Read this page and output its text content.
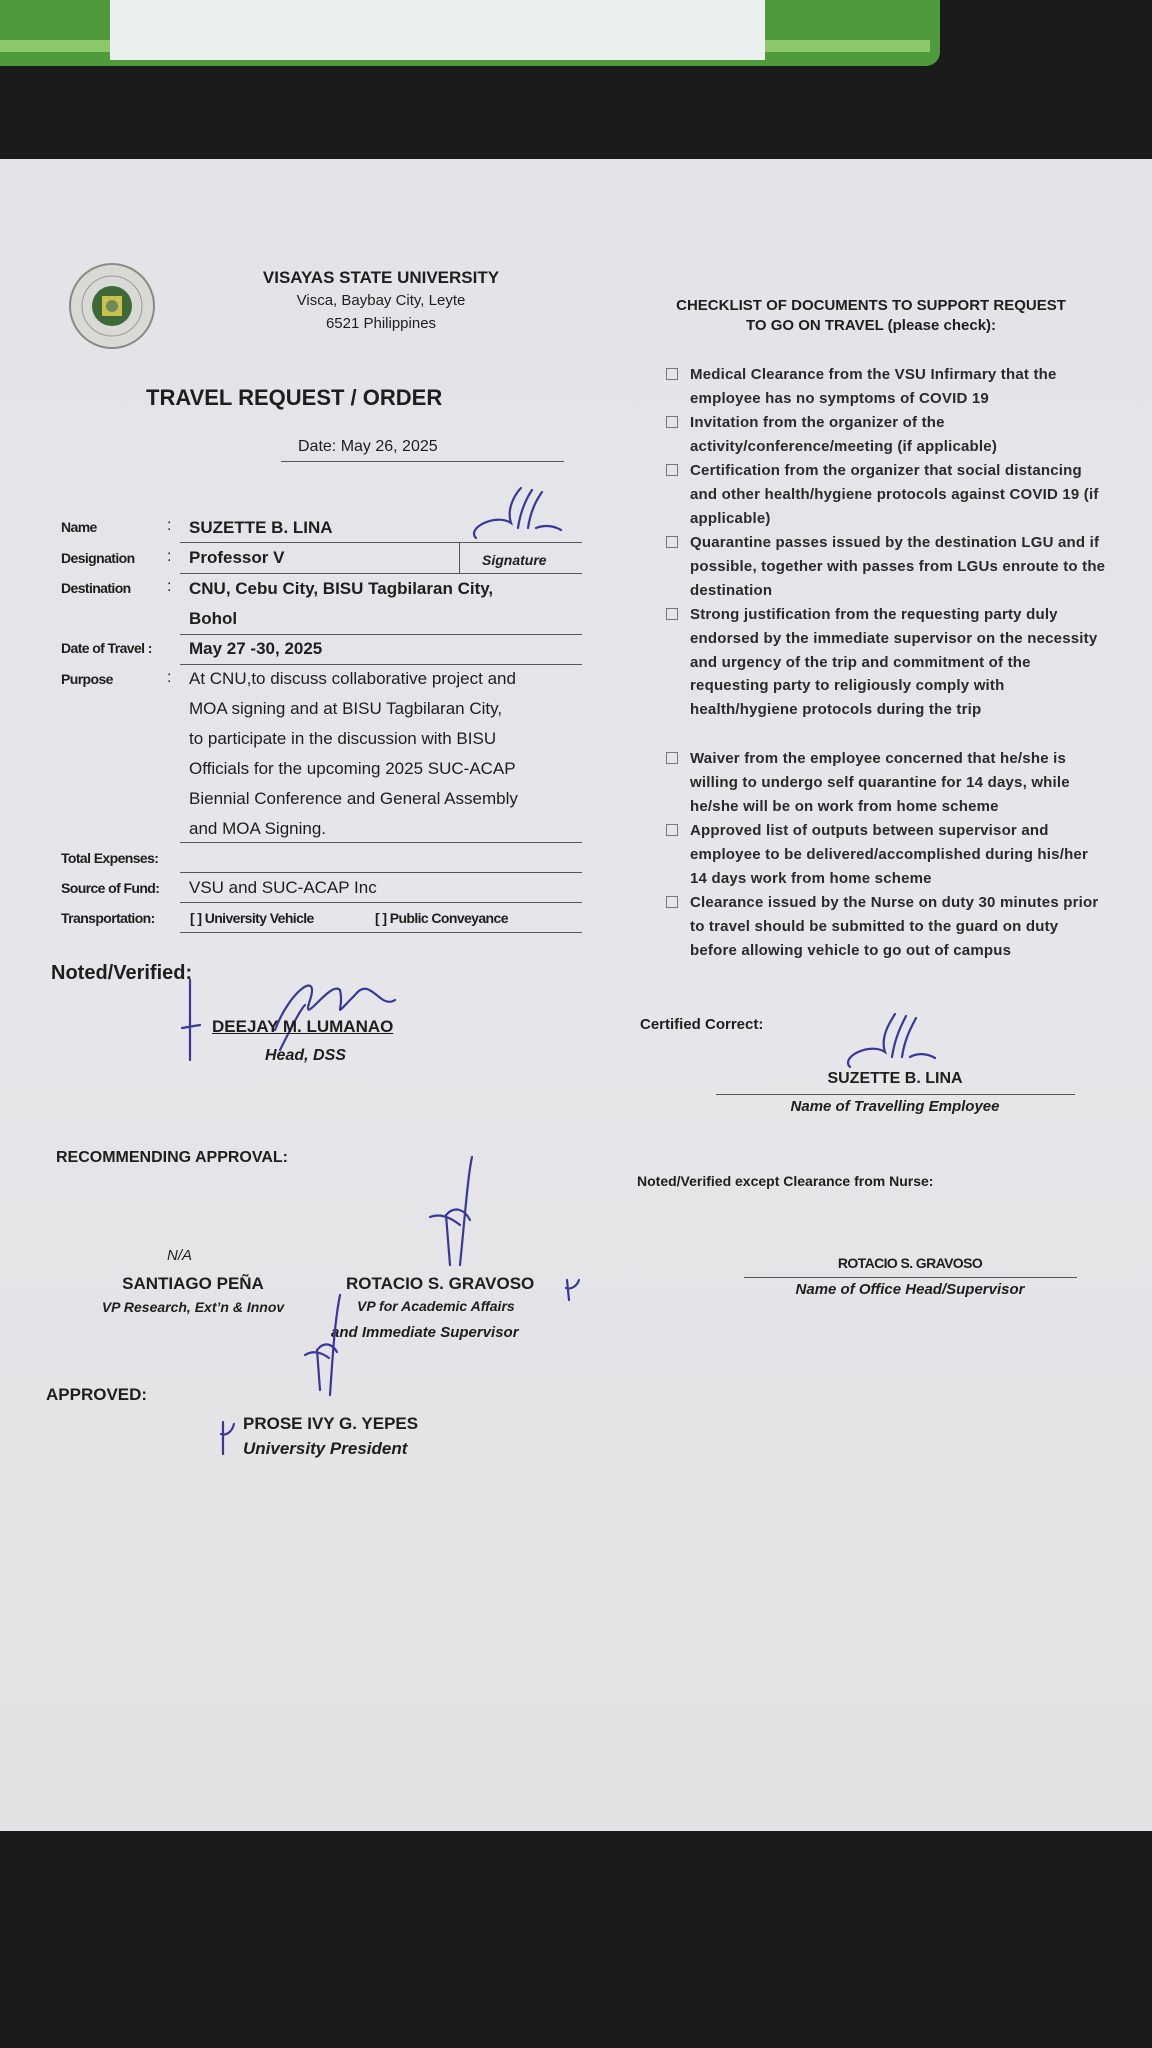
VISAYAS STATE UNIVERSITY
Visca, Baybay City, Leyte
6521 Philippines
TRAVEL REQUEST / ORDER
Date: May 26, 2025
Name	: SUZETTE B. LINA
Designation : Professor V	Signature
Destination : CNU, Cebu City, BISU Tagbilaran City,
Bohol
Date of Travel : May 27 -30, 2025
Purpose	: At CNU,to discuss collaborative project and
MOA signing and at BISU Tagbilaran City,
to participate in the discussion with BISU
Officials for the upcoming 2025 SUC-ACAP
Biennial Conference and General Assembly
and MOA Signing.
Total Expenses:
Source of Fund: VSU and SUC-ACAP Inc
Transportation:	[ ] University Vehicle	[ ] Public Conveyance
Noted/Verified:
DEEJAY M. LUMANAO
Head, DSS
CHECKLIST OF DOCUMENTS TO SUPPORT REQUEST
TO GO ON TRAVEL (please check):
Medical Clearance from the VSU Infirmary that the employee has no symptoms of COVID 19
Invitation from the organizer of the activity/conference/meeting (if applicable)
Certification from the organizer that social distancing and other health/hygiene protocols against COVID 19 (if applicable)
Quarantine passes issued by the destination LGU and if possible, together with passes from LGUs enroute to the destination
Strong justification from the requesting party duly endorsed by the immediate supervisor on the necessity and urgency of the trip and commitment of the requesting party to religiously comply with health/hygiene protocols during the trip
Waiver from the employee concerned that he/she is willing to undergo self quarantine for 14 days, while he/she will be on work from home scheme
Approved list of outputs between supervisor and employee to be delivered/accomplished during his/her 14 days work from home scheme
Clearance issued by the Nurse on duty 30 minutes prior to travel should be submitted to the guard on duty before allowing vehicle to go out of campus
Certified Correct:
SUZETTE B. LINA
Name of Travelling Employee
RECOMMENDING APPROVAL:
Noted/Verified except Clearance from Nurse:
N/A
SANTIAGO PEÑA
VP Research, Ext’n & Innov
ROTACIO S. GRAVOSO
VP for Academic Affairs
and Immediate Supervisor
ROTACIO S. GRAVOSO
Name of Office Head/Supervisor
APPROVED:
PROSE IVY G. YEPES
University President
